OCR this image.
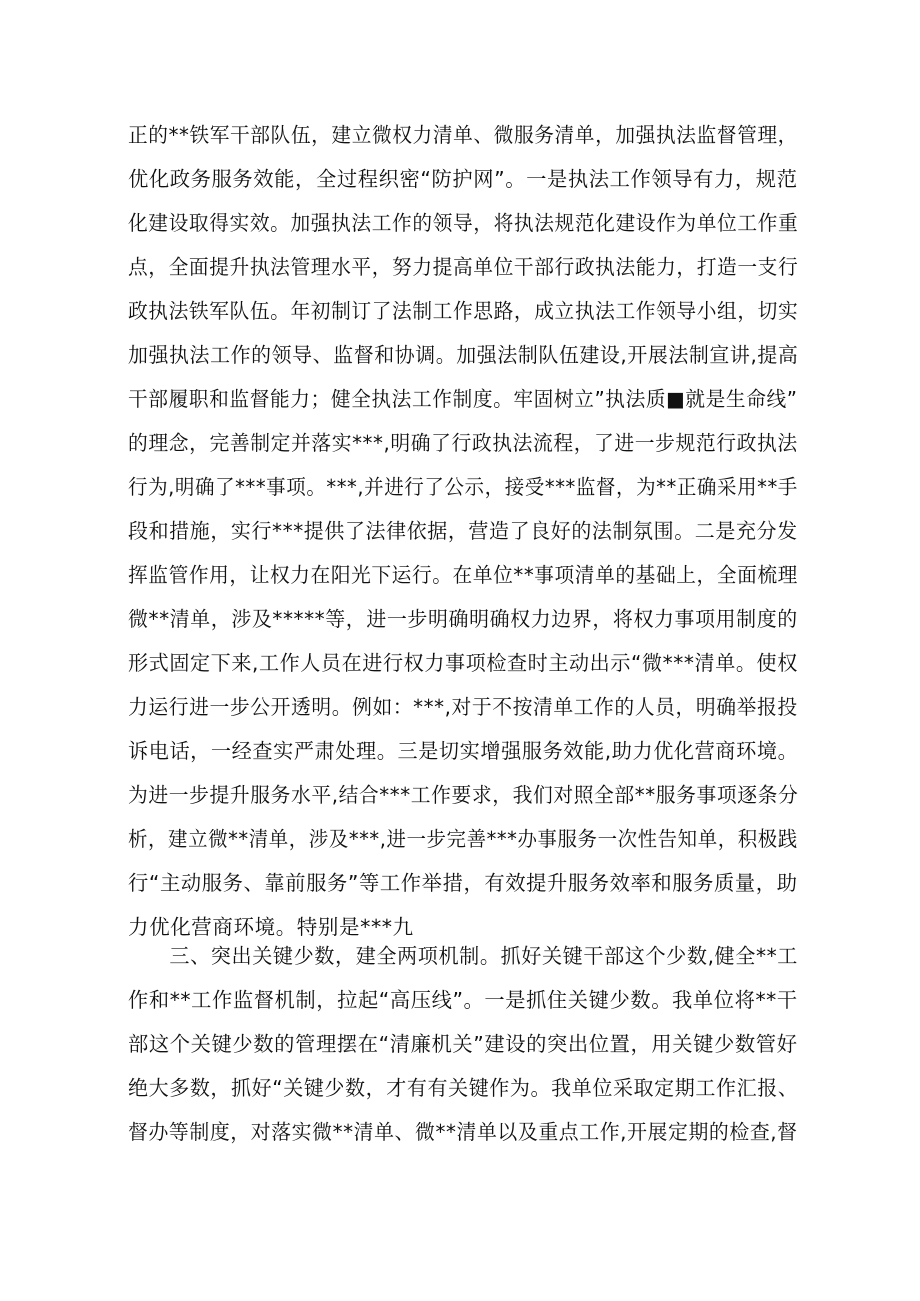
正的**铁军干部队伍，建立微权力清单、微服务清单，加强执法监督管理，
优化政务服务效能，全过程织密“防护网”。一是执法工作领导有力，规范
化建设取得实效。加强执法工作的领导，将执法规范化建设作为单位工作重
点，全面提升执法管理水平，努力提高单位干部行政执法能力，打造一支行
政执法铁军队伍。年初制订了法制工作思路，成立执法工作领导小组，切实
加强执法工作的领导、监督和协调。加强法制队伍建设,开展法制宣讲,提高
干部履职和监督能力；健全执法工作制度。牢固树立”执法质■就是生命线”
的理念，完善制定并落实***,明确了行政执法流程，了进一步规范行政执法
行为,明确了***事项。***,并进行了公示，接受***监督，为**正确采用**手
段和措施，实行***提供了法律依据，营造了良好的法制氛围。二是充分发
挥监管作用，让权力在阳光下运行。在单位**事项清单的基础上，全面梳理
微**清单，涉及*****等，进一步明确明确权力边界，将权力事项用制度的
形式固定下来,工作人员在进行权力事项检查时主动出示“微***清单。使权
力运行进一步公开透明。例如：***,对于不按清单工作的人员，明确举报投
诉电话，一经查实严肃处理。三是切实增强服务效能,助力优化营商环境。
为进一步提升服务水平,结合***工作要求，我们对照全部**服务事项逐条分
析，建立微**清单，涉及***,进一步完善***办事服务一次性告知单，积极践
行“主动服务、靠前服务”等工作举措，有效提升服务效率和服务质量，助
力优化营商环境。特别是***九
　　三、突出关键少数，建全两项机制。抓好关键干部这个少数,健全**工
作和**工作监督机制，拉起“高压线”。一是抓住关键少数。我单位将**干
部这个关键少数的管理摆在“清廉机关”建设的突出位置，用关键少数管好
绝大多数，抓好“关键少数，才有有关键作为。我单位采取定期工作汇报、
督办等制度，对落实微**清单、微**清单以及重点工作,开展定期的检查,督
